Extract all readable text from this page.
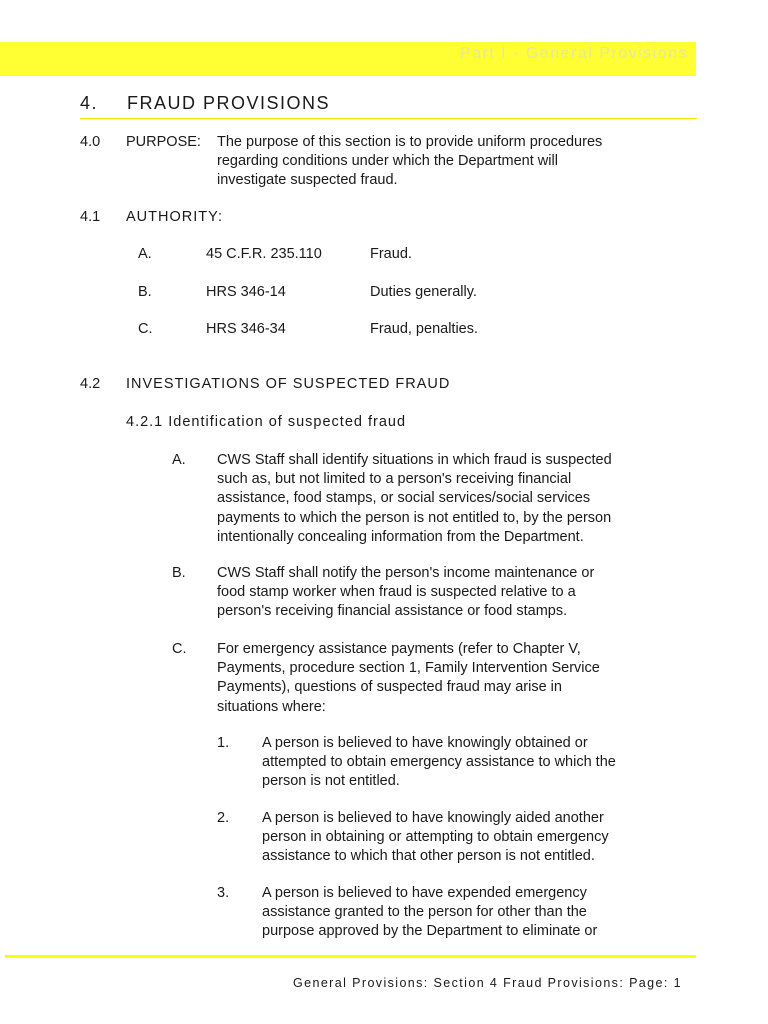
Part I - General Provisions
4. FRAUD PROVISIONS
4.0 PURPOSE: The purpose of this section is to provide uniform procedures
regarding conditions under which the Department will
investigate suspected fraud.
4.1 AUTHORITY:
A.	45 C.F.R. 235.110	Fraud.
B.	HRS 346-14	Duties generally.
C.	HRS 346-34	Fraud, penalties.
4.2 INVESTIGATIONS OF SUSPECTED FRAUD
4.2.1 Identification of suspected fraud
A. CWS Staff shall identify situations in which fraud is suspected
such as, but not limited to a person's receiving financial
assistance, food stamps, or social services/social services
payments to which the person is not entitled to, by the person
intentionally concealing information from the Department.
B. CWS Staff shall notify the person's income maintenance or
food stamp worker when fraud is suspected relative to a
person's receiving financial assistance or food stamps.
C. For emergency assistance payments (refer to Chapter V,
Payments, procedure section 1, Family Intervention Service
Payments), questions of suspected fraud may arise in
situations where:
1. A person is believed to have knowingly obtained or
attempted to obtain emergency assistance to which the
person is not entitled.
2. A person is believed to have knowingly aided another
person in obtaining or attempting to obtain emergency
assistance to which that other person is not entitled.
3. A person is believed to have expended emergency
assistance granted to the person for other than the
purpose approved by the Department to eliminate or
General Provisions: Section 4 Fraud Provisions: Page: 1
